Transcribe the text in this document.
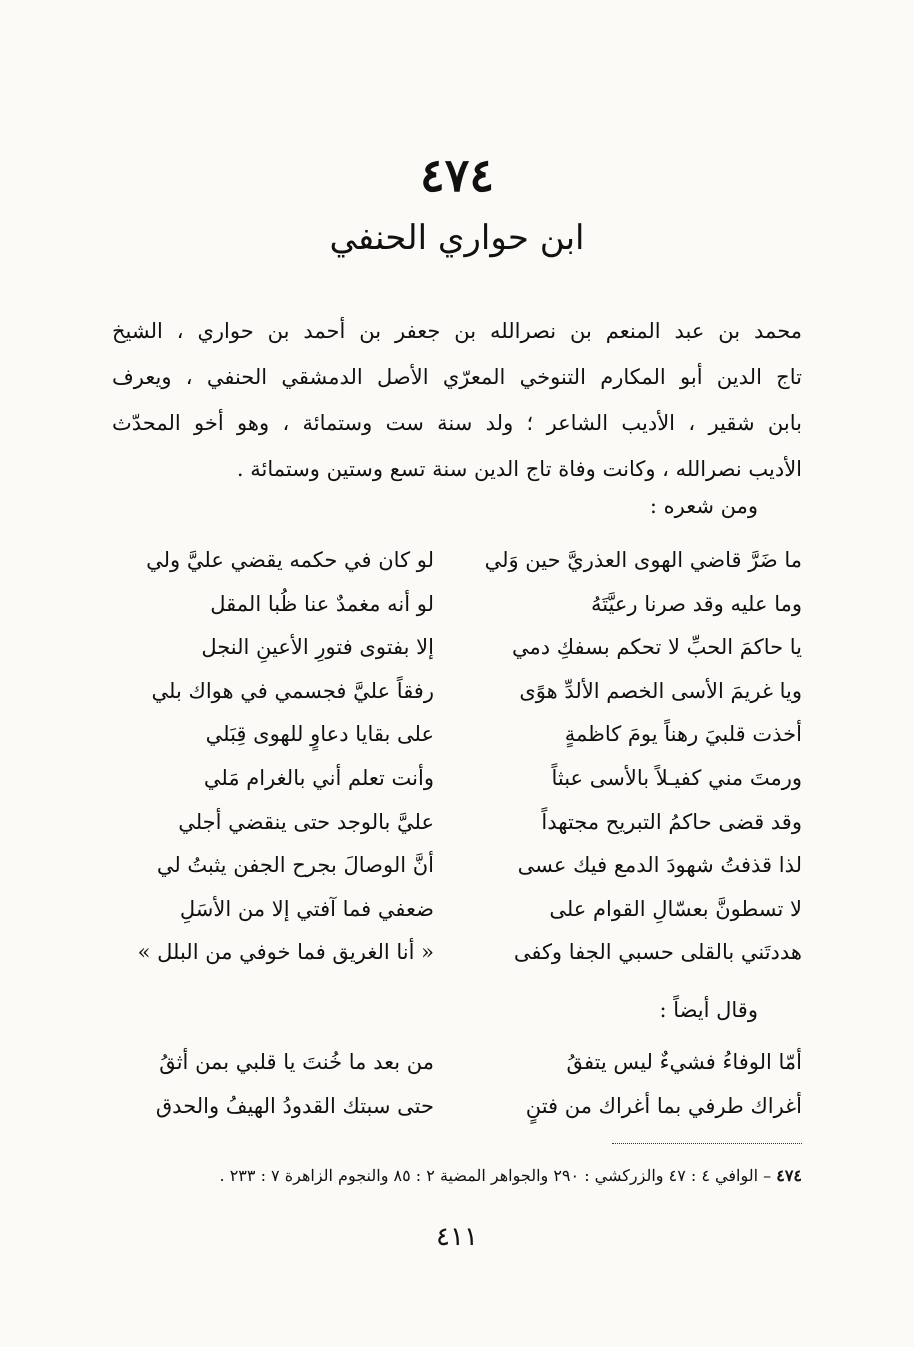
٤٧٤
ابن حواري الحنفي
محمد بن عبد المنعم بن نصرالله بن جعفر بن أحمد بن حواري ، الشيخ
تاج الدين أبو المكارم التنوخي المعرّي الأصل الدمشقي الحنفي ، ويعرف
بابن شقير ، الأديب الشاعر ؛ ولد سنة ست وستمائة ، وهو أخو المحدّث
الأديب نصرالله ، وكانت وفاة تاج الدين سنة تسع وستين وستمائة .
ومن شعره :
ما ضَرَّ قاضي الهوى العذريَّ حين وَلي
لو كان في حكمه يقضي عليَّ ولي
وما عليه وقد صرنا رعيَّتَهُ
لو أنه مغمدٌ عنا ظُبا المقل
يا حاكمَ الحبِّ لا تحكم بسفكِ دمي
إلا بفتوى فتورِ الأعينِ النجل
ويا غريمَ الأسى الخصم الألدِّ هوًى
رفقاً عليَّ فجسمي في هواك بلي
أخذت قلبيَ رهناً يومَ كاظمةٍ
على بقايا دعاوٍ للهوى قِبَلي
ورمتَ مني كفيـلاً بالأسى عبثاً
وأنت تعلم أني بالغرام مَلي
وقد قضى حاكمُ التبريح مجتهداً
عليَّ بالوجد حتى ينقضي أجلي
لذا قذفتُ شهودَ الدمع فيك عسى
أنَّ الوصالَ بجرح الجفن يثبتُ لي
لا تسطونَّ بعسّالِ القوام على
ضعفي فما آفتي إلا من الأسَلِ
هددتَني بالقلى حسبي الجفا وكفى
« أنا الغريق فما خوفي من البلل »
وقال أيضاً :
أمّا الوفاءُ فشيءٌ ليس يتفقُ
من بعد ما خُنتَ يا قلبي بمن أثقُ
أغراك طرفي بما أغراك من فتنٍ
حتى سبتك القدودُ الهيفُ والحدق
٤٧٤ – الوافي ٤ : ٤٧ والزركشي : ٢٩٠ والجواهر المضية ٢ : ٨٥ والنجوم الزاهرة ٧ : ٢٣٣ .
٤١١
